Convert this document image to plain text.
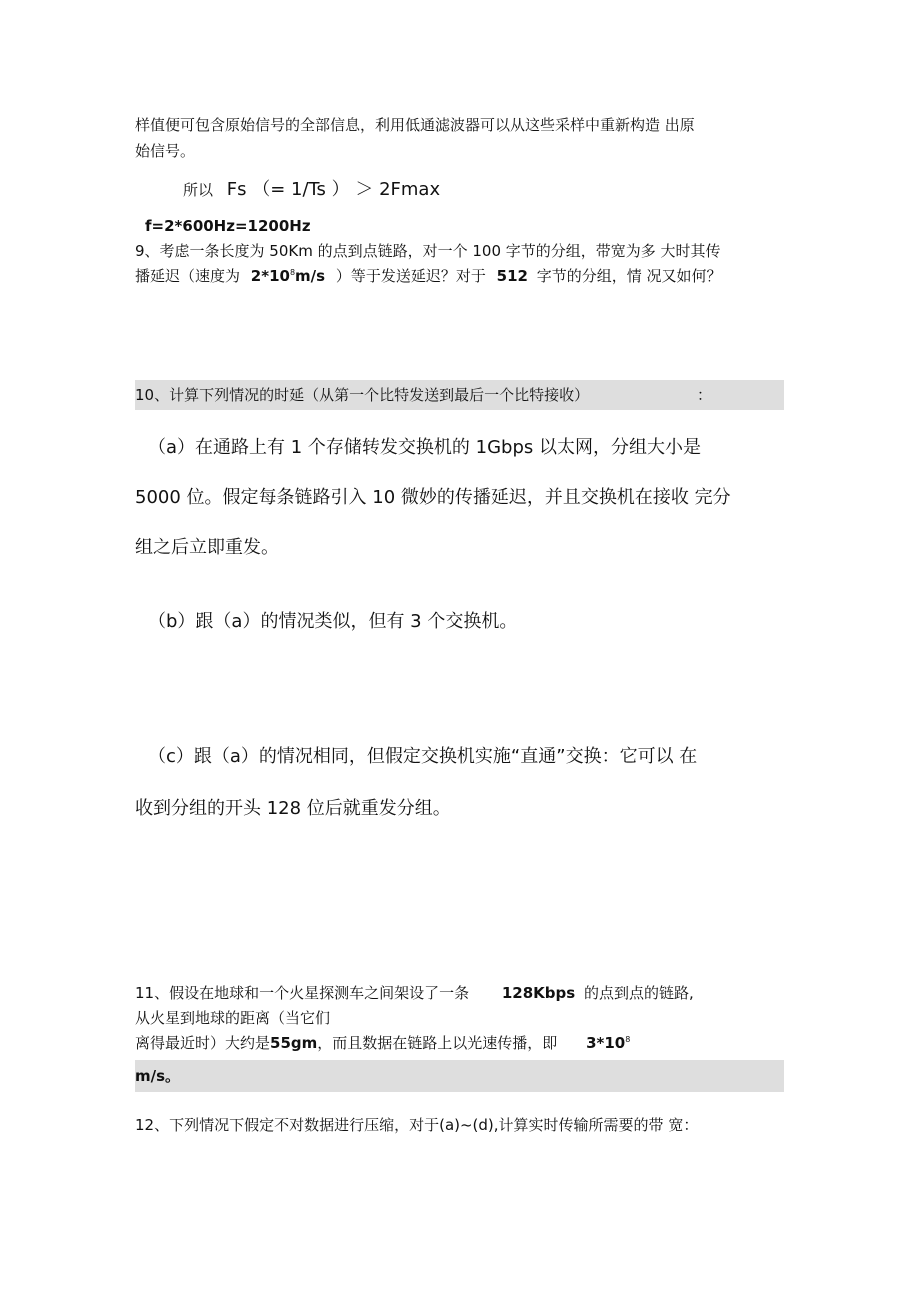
样值便可包含原始信号的全部信息，利用低通滤波器可以从这些采样中重新构造 出原
始信号。
所以 Fs （= 1/Ts ） ＞ 2Fmax
f=2*600Hz=1200Hz
9、考虑一条长度为 50Km 的点到点链路，对一个 100 字节的分组，带宽为多 大时其传
播延迟（速度为 $2*10^8m/s$ ）等于发送延迟？对于 512 字节的分组，情 况又如何？
10、计算下列情况的时延（从第一个比特发送到最后一个比特接收）	：
（a）在通路上有 1 个存储转发交换机的 1Gbps 以太网，分组大小是
5000 位。假定每条链路引入 10 微妙的传播延迟，并且交换机在接收 完分
组之后立即重发。
（b）跟（a）的情况类似，但有 3 个交换机。
（c）跟（a）的情况相同，但假定交换机实施“直通”交换：它可以 在
收到分组的开头 128 位后就重发分组。
11、假设在地球和一个火星探测车之间架设了一条 128Kbps 的点到点的链路,
从火星到地球的距离（当它们
离得最近时）大约是55gm，而且数据在链路上以光速传播，即 $3*10^8$
m/s。
12、下列情况下假定不对数据进行压缩，对于(a)~(d),计算实时传输所需要的带 宽：
